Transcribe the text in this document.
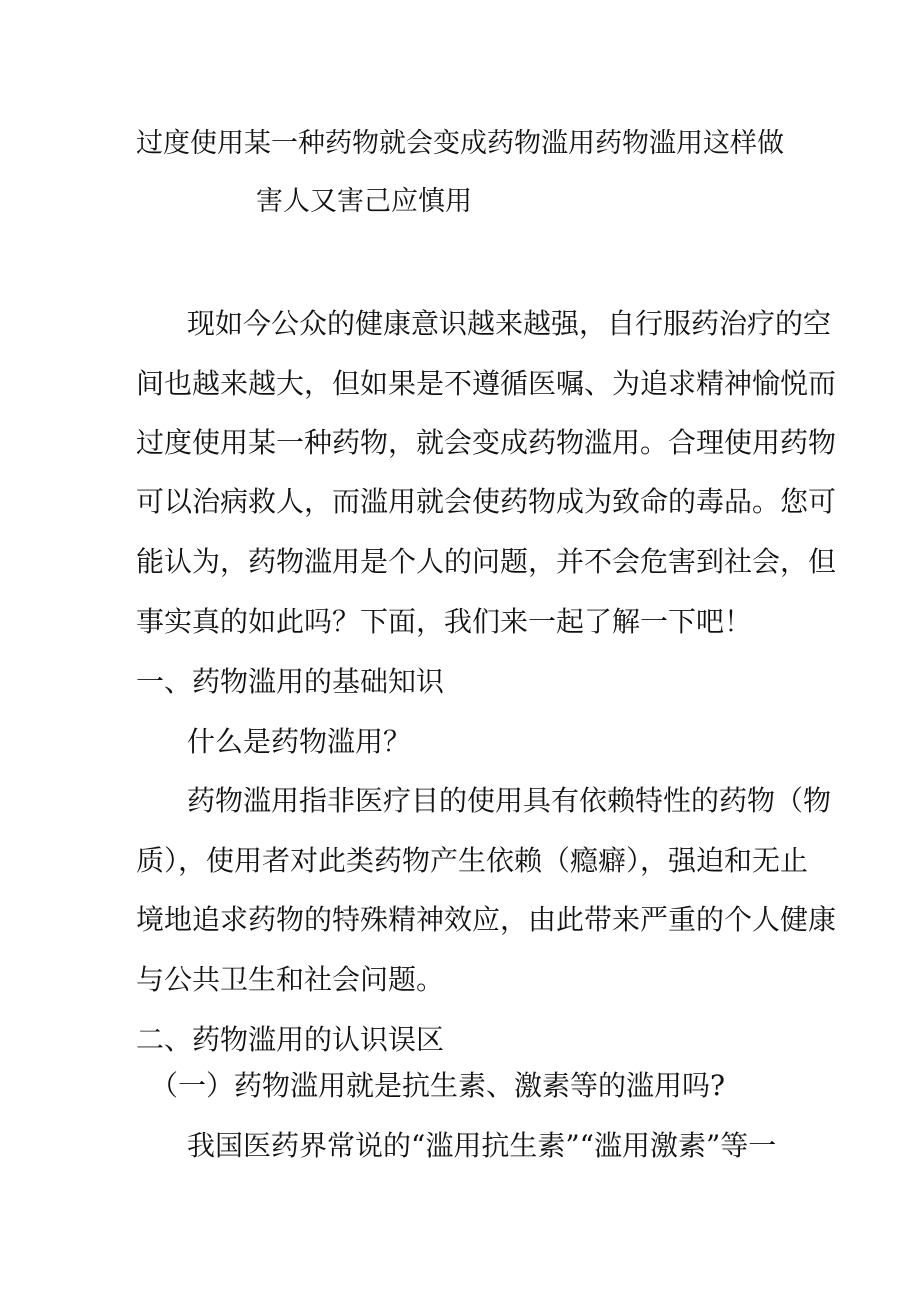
过度使用某一种药物就会变成药物滥用药物滥用这样做
害人又害己应慎用
现如今公众的健康意识越来越强，自行服药治疗的空
间也越来越大，但如果是不遵循医嘱、为追求精神愉悦而
过度使用某一种药物，就会变成药物滥用。合理使用药物
可以治病救人，而滥用就会使药物成为致命的毒品。您可
能认为，药物滥用是个人的问题，并不会危害到社会，但
事实真的如此吗？下面，我们来一起了解一下吧！
一、药物滥用的基础知识
什么是药物滥用？
药物滥用指非医疗目的使用具有依赖特性的药物（物
质），使用者对此类药物产生依赖（瘾癖），强迫和无止
境地追求药物的特殊精神效应，由此带来严重的个人健康
与公共卫生和社会问题。
二、药物滥用的认识误区
（一）药物滥用就是抗生素、激素等的滥用吗?
我国医药界常说的“滥用抗生素”“滥用激素”等一
